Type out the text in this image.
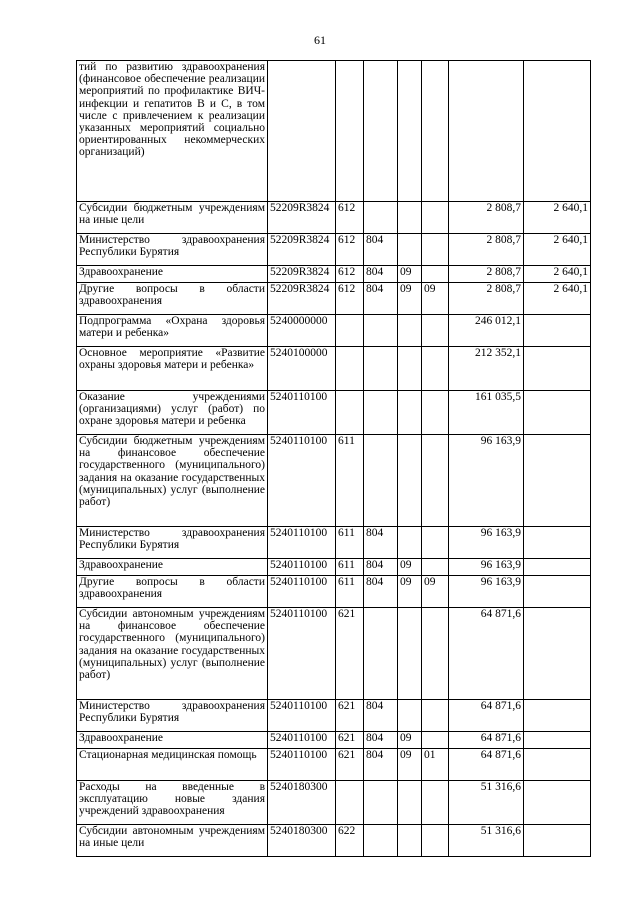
61
тий по развитию здравоохранения (финансовое обеспечение реализации мероприятий по профилактике ВИЧ-инфекции и гепатитов В и С, в том числе с привлечением к реализации указанных мероприятий социально ориентированных некоммерческих организаций)							
Субсидии бюджетным учреждениям на иные цели	52209R3824	612				2 808,7	2 640,1
Министерство здравоохранения Республики Бурятия	52209R3824	612	804			2 808,7	2 640,1
Здравоохранение	52209R3824	612	804	09		2 808,7	2 640,1
Другие вопросы в области здравоохранения	52209R3824	612	804	09	09	2 808,7	2 640,1
Подпрограмма «Охрана здоровья матери и ребенка»	5240000000					246 012,1	
Основное мероприятие «Развитие охраны здоровья матери и ребенка»	5240100000					212 352,1	
Оказание учреждениями (организациями) услуг (работ) по охране здоровья матери и ребенка	5240110100					161 035,5	
Субсидии бюджетным учреждениям на финансовое обеспечение государственного (муниципального) задания на оказание государственных (муниципальных) услуг (выполнение работ)	5240110100	611				96 163,9	
Министерство здравоохранения Республики Бурятия	5240110100	611	804			96 163,9	
Здравоохранение	5240110100	611	804	09		96 163,9	
Другие вопросы в области здравоохранения	5240110100	611	804	09	09	96 163,9	
Субсидии автономным учреждениям на финансовое обеспечение государственного (муниципального) задания на оказание государственных (муниципальных) услуг (выполнение работ)	5240110100	621				64 871,6	
Министерство здравоохранения Республики Бурятия	5240110100	621	804			64 871,6	
Здравоохранение	5240110100	621	804	09		64 871,6	
Стационарная медицинская помощь	5240110100	621	804	09	01	64 871,6	
Расходы на введенные в эксплуатацию новые здания учреждений здравоохранения	5240180300					51 316,6	
Субсидии автономным учреждениям на иные цели	5240180300	622				51 316,6	
